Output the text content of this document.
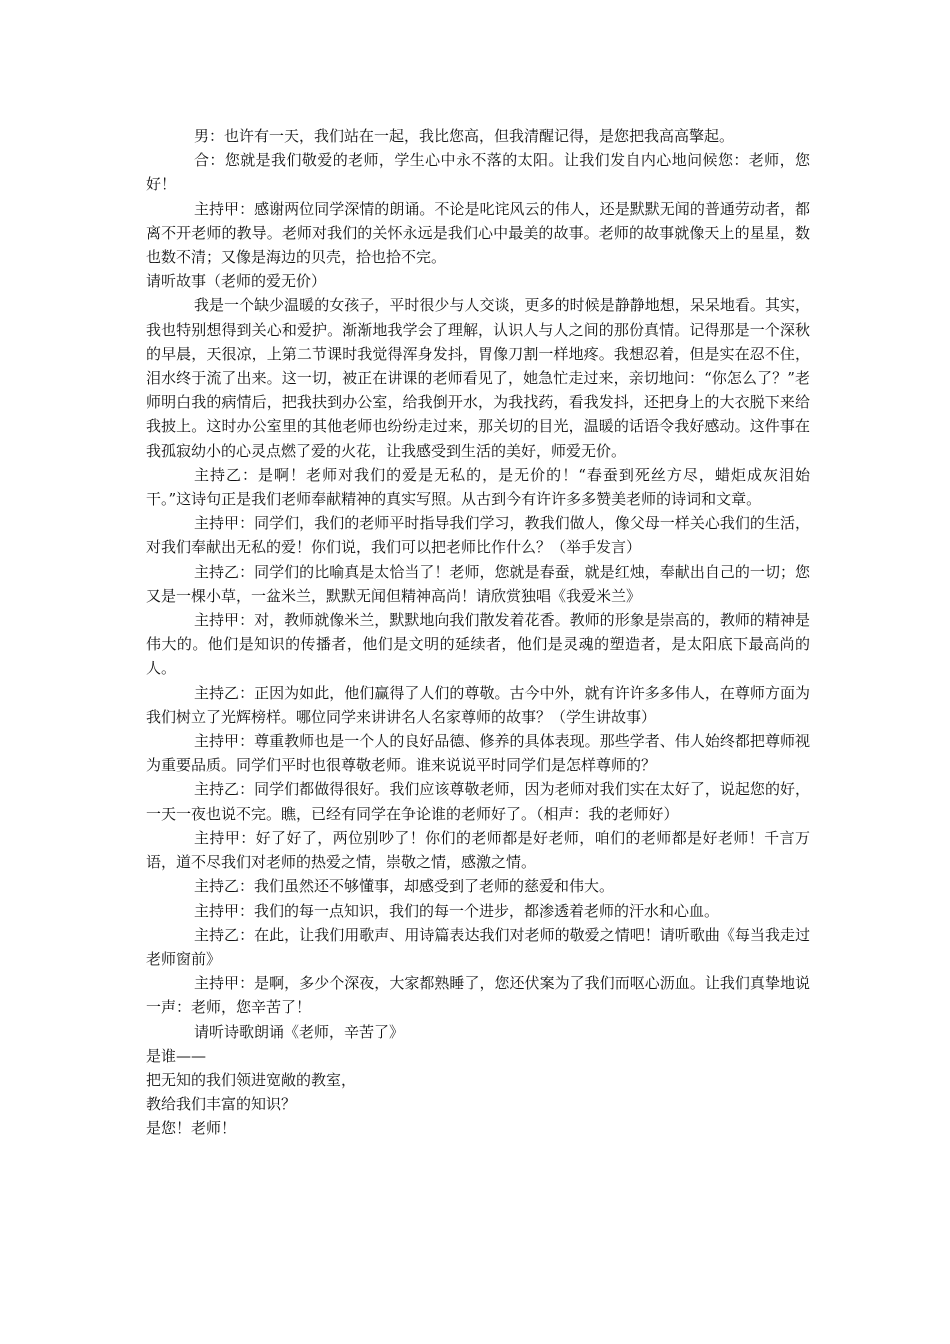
男：也许有一天，我们站在一起，我比您高，但我清醒记得，是您把我高高擎起。

合：您就是我们敬爱的老师，学生心中永不落的太阳。让我们发自内心地问候您：老师，您好！

主持甲：感谢两位同学深情的朗诵。不论是叱诧风云的伟人，还是默默无闻的普通劳动者，都离不开老师的教导。老师对我们的关怀永远是我们心中最美的故事。老师的故事就像天上的星星，数也数不清；又像是海边的贝壳，拾也拾不完。

请听故事（老师的爱无价）

我是一个缺少温暖的女孩子，平时很少与人交谈，更多的时候是静静地想，呆呆地看。其实，我也特别想得到关心和爱护。渐渐地我学会了理解，认识人与人之间的那份真情。记得那是一个深秋的早晨，天很凉，上第二节课时我觉得浑身发抖，胃像刀割一样地疼。我想忍着，但是实在忍不住，泪水终于流了出来。这一切，被正在讲课的老师看见了，她急忙走过来，亲切地问：“你怎么了？”老师明白我的病情后，把我扶到办公室，给我倒开水，为我找药，看我发抖，还把身上的大衣脱下来给我披上。这时办公室里的其他老师也纷纷走过来，那关切的目光，温暖的话语令我好感动。这件事在我孤寂幼小的心灵点燃了爱的火花，让我感受到生活的美好，师爱无价。

主持乙：是啊！老师对我们的爱是无私的，是无价的！“春蚕到死丝方尽，蜡炬成灰泪始干。”这诗句正是我们老师奉献精神的真实写照。从古到今有许许多多赞美老师的诗词和文章。

主持甲：同学们，我们的老师平时指导我们学习，教我们做人，像父母一样关心我们的生活，对我们奉献出无私的爱！你们说，我们可以把老师比作什么？（举手发言）

主持乙：同学们的比喻真是太恰当了！老师，您就是春蚕，就是红烛，奉献出自己的一切；您又是一棵小草，一盆米兰，默默无闻但精神高尚！请欣赏独唱《我爱米兰》

主持甲：对，教师就像米兰，默默地向我们散发着花香。教师的形象是崇高的，教师的精神是伟大的。他们是知识的传播者，他们是文明的延续者，他们是灵魂的塑造者，是太阳底下最高尚的人。

主持乙：正因为如此，他们赢得了人们的尊敬。古今中外，就有许许多多伟人，在尊师方面为我们树立了光辉榜样。哪位同学来讲讲名人名家尊师的故事？（学生讲故事）

主持甲：尊重教师也是一个人的良好品德、修养的具体表现。那些学者、伟人始终都把尊师视为重要品质。同学们平时也很尊敬老师。谁来说说平时同学们是怎样尊师的？

主持乙：同学们都做得很好。我们应该尊敬老师，因为老师对我们实在太好了，说起您的好，一天一夜也说不完。瞧，已经有同学在争论谁的老师好了。（相声：我的老师好）

主持甲：好了好了，两位别吵了！你们的老师都是好老师，咱们的老师都是好老师！千言万语，道不尽我们对老师的热爱之情，崇敬之情，感激之情。

主持乙：我们虽然还不够懂事，却感受到了老师的慈爱和伟大。

主持甲：我们的每一点知识，我们的每一个进步，都渗透着老师的汗水和心血。

主持乙：在此，让我们用歌声、用诗篇表达我们对老师的敬爱之情吧！请听歌曲《每当我走过老师窗前》

主持甲：是啊，多少个深夜，大家都熟睡了，您还伏案为了我们而呕心沥血。让我们真挚地说一声：老师，您辛苦了！

请听诗歌朗诵《老师，辛苦了》

是谁——

把无知的我们领进宽敞的教室，

教给我们丰富的知识？

是您！老师！
